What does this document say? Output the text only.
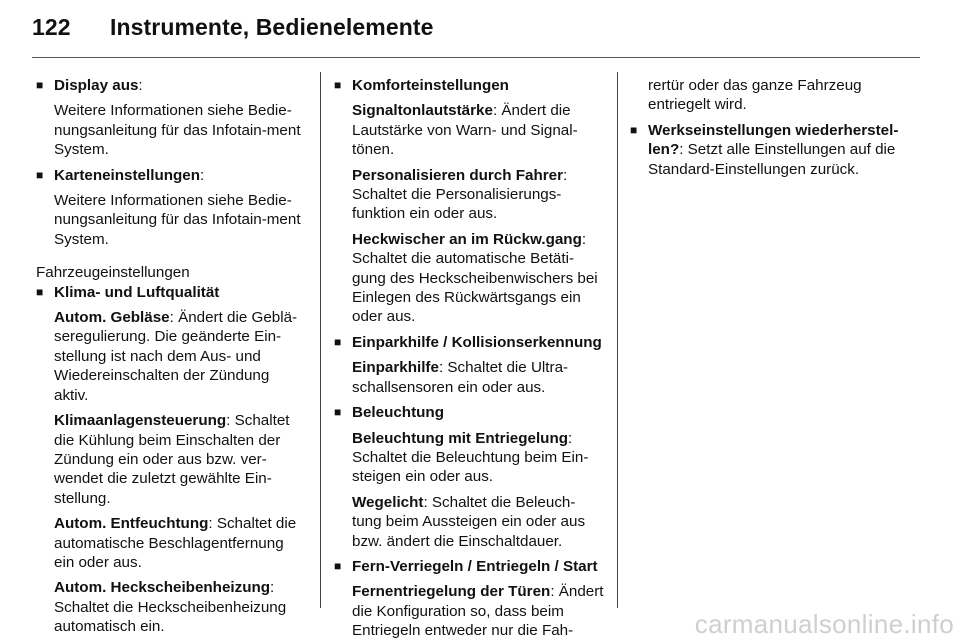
122 Instrumente, Bedienelemente
■ Display aus:
Weitere Informationen siehe Bedie-nungsanleitung für das Infotain-ment System.
■ Karteneinstellungen:
Weitere Informationen siehe Bedie-nungsanleitung für das Infotain-ment System.
Fahrzeugeinstellungen
■ Klima- und Luftqualität
Autom. Gebläse: Ändert die Geblä-seregulierung. Die geänderte Ein-stellung ist nach dem Aus- und Wiedereinschalten der Zündung aktiv.
Klimaanlagensteuerung: Schaltet die Kühlung beim Einschalten der Zündung ein oder aus bzw. ver-wendet die zuletzt gewählte Ein-stellung.
Autom. Entfeuchtung: Schaltet die automatische Beschlagentfernung ein oder aus.
Autom. Heckscheibenheizung: Schaltet die Heckscheibenheizung automatisch ein.
■ Komforteinstellungen
Signaltonlautstärke: Ändert die Lautstärke von Warn- und Signal-tönen.
Personalisieren durch Fahrer: Schaltet die Personalisierungs-funktion ein oder aus.
Heckwischer an im Rückw.gang: Schaltet die automatische Betäti-gung des Heckscheibenwischers bei Einlegen des Rückwärtsgangs ein oder aus.
■ Einparkhilfe / Kollisionserkennung
Einparkhilfe: Schaltet die Ultra-schallsensoren ein oder aus.
■ Beleuchtung
Beleuchtung mit Entriegelung: Schaltet die Beleuchtung beim Ein-steigen ein oder aus.
Wegelicht: Schaltet die Beleuch-tung beim Aussteigen ein oder aus bzw. ändert die Einschaltdauer.
■ Fern-Verriegeln / Entriegeln / Start
Fernentriegelung der Türen: Ändert die Konfiguration so, dass beim Entriegeln entweder nur die Fah-
rertür oder das ganze Fahrzeug entriegelt wird.
■ Werkseinstellungen wiederherstel-len?: Setzt alle Einstellungen auf die Standard-Einstellungen zurück.
carmanualsonline.info
